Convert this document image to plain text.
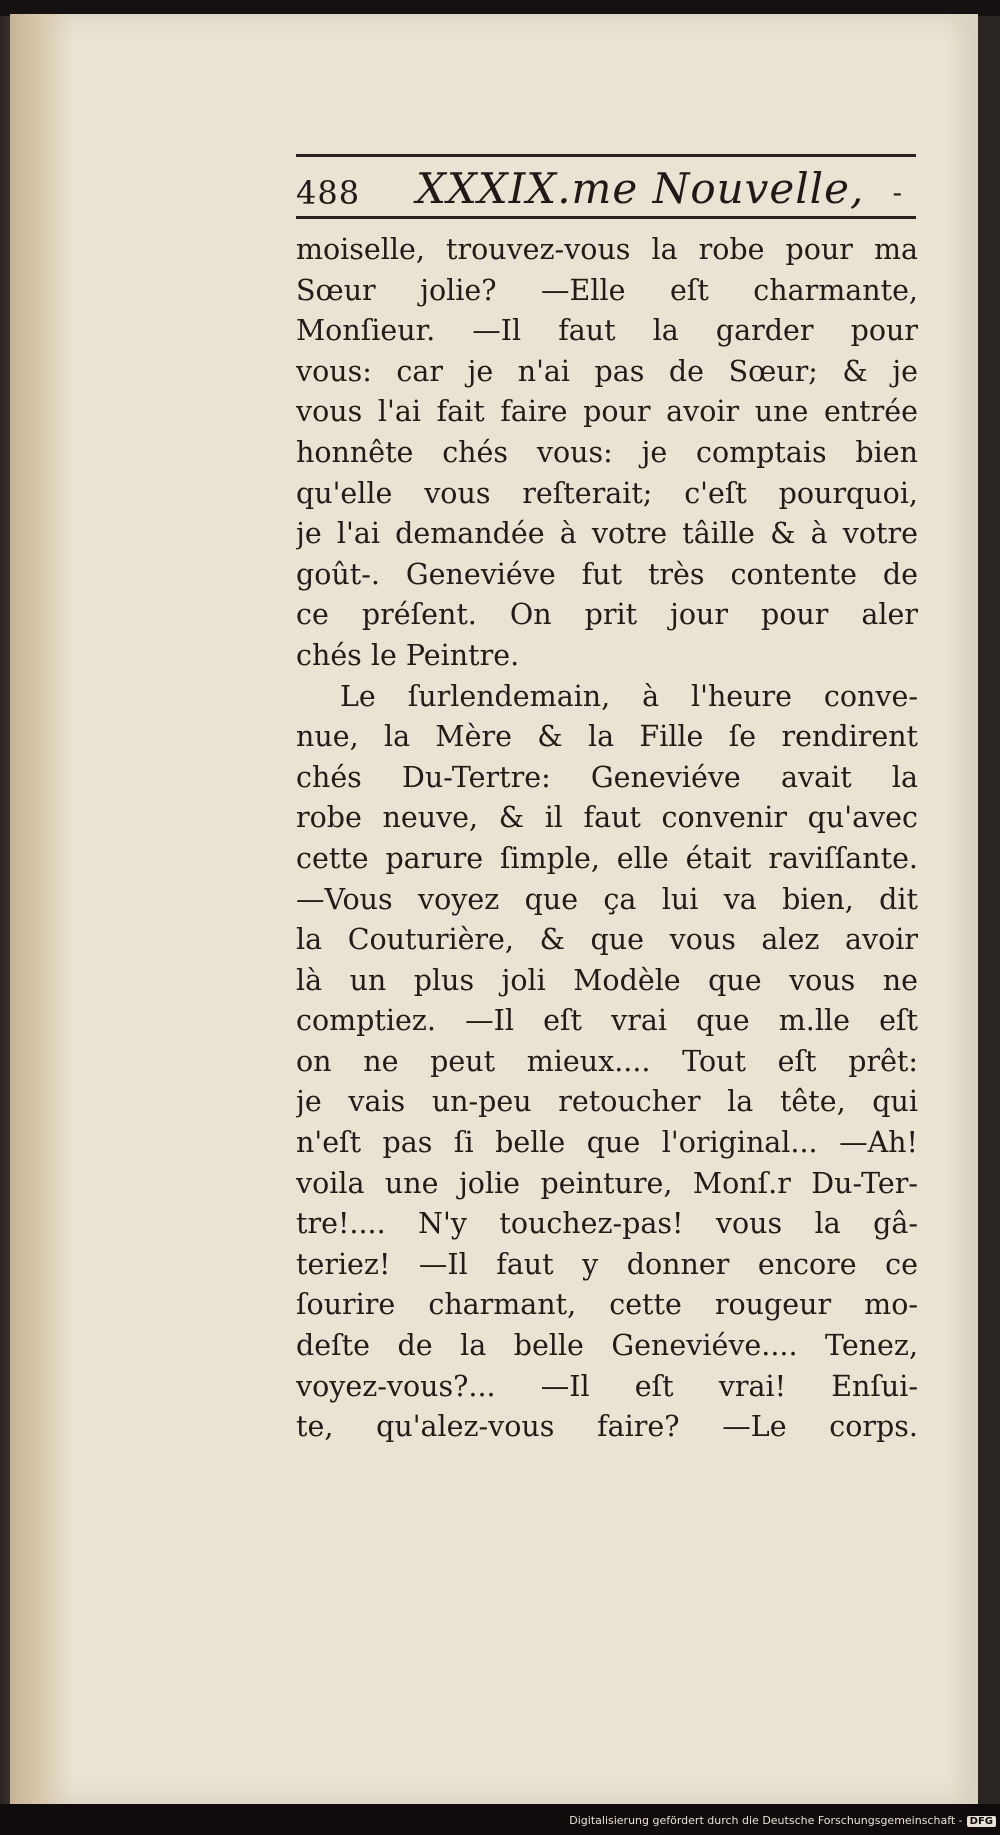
488 XXXIX.me Nouvelle, -
moiselle, trouvez-vous la robe pour ma
Sœur jolie? —Elle eſt charmante,
Monſieur. —Il faut la garder pour
vous: car je n'ai pas de Sœur; & je
vous l'ai fait faire pour avoir une entrée
honnête chés vous: je comptais bien
qu'elle vous reſterait; c'eſt pourquoi,
je l'ai demandée à votre tâille & à votre
goût-. Geneviéve fut très contente de
ce préſent. On prit jour pour aler
chés le Peintre.
Le ſurlendemain, à l'heure conve-
nue, la Mère & la Fille ſe rendirent
chés Du-Tertre: Geneviéve avait la
robe neuve, & il faut convenir qu'avec
cette parure ſimple, elle était raviſſante.
—Vous voyez que ça lui va bien, dit
la Couturière, & que vous alez avoir
là un plus joli Modèle que vous ne
comptiez. —Il eſt vrai que m.lle eſt
on ne peut mieux.... Tout eſt prêt:
je vais un-peu retoucher la tête, qui
n'eſt pas ſi belle que l'original... —Ah!
voila une jolie peinture, Monſ.r Du-Ter-
tre!.... N'y touchez-pas! vous la gâ-
teriez! —Il faut y donner encore ce
ſourire charmant, cette rougeur mo-
deſte de la belle Geneviéve.... Tenez,
voyez-vous?... —Il eſt vrai! Enſui-
te, qu'alez-vous faire? —Le corps.
Digitalisierung gefördert durch die Deutsche Forschungsgemeinschaft - DFG
